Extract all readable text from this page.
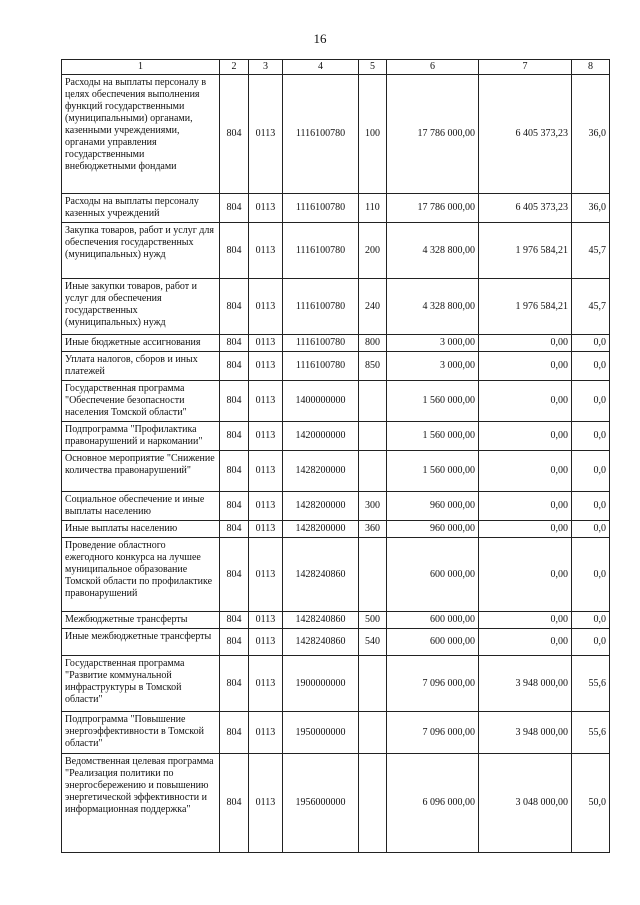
16
1	2	3	4	5	6	7	8
Расходы на выплаты персоналу в целях обеспечения выполнения функций государственными (муниципальными) органами, казенными учреждениями, органами управления государственными внебюджетными фондами	804	0113	1116100780	100	17 786 000,00	6 405 373,23	36,0
Расходы на выплаты персоналу казенных учреждений	804	0113	1116100780	110	17 786 000,00	6 405 373,23	36,0
Закупка товаров, работ и услуг для обеспечения государственных (муниципальных) нужд	804	0113	1116100780	200	4 328 800,00	1 976 584,21	45,7
Иные закупки товаров, работ и услуг для обеспечения государственных (муниципальных) нужд	804	0113	1116100780	240	4 328 800,00	1 976 584,21	45,7
Иные бюджетные ассигнования	804	0113	1116100780	800	3 000,00	0,00	0,0
Уплата налогов, сборов и иных платежей	804	0113	1116100780	850	3 000,00	0,00	0,0
Государственная программа "Обеспечение безопасности населения Томской области"	804	0113	1400000000		1 560 000,00	0,00	0,0
Подпрограмма "Профилактика правонарушений и наркомании"	804	0113	1420000000		1 560 000,00	0,00	0,0
Основное мероприятие "Снижение количества правонарушений"	804	0113	1428200000		1 560 000,00	0,00	0,0
Социальное обеспечение и иные выплаты населению	804	0113	1428200000	300	960 000,00	0,00	0,0
Иные выплаты населению	804	0113	1428200000	360	960 000,00	0,00	0,0
Проведение областного ежегодного конкурса на лучшее муниципальное образование Томской области по профилактике правонарушений	804	0113	1428240860		600 000,00	0,00	0,0
Межбюджетные трансферты	804	0113	1428240860	500	600 000,00	0,00	0,0
Иные межбюджетные трансферты	804	0113	1428240860	540	600 000,00	0,00	0,0
Государственная программа "Развитие коммунальной инфраструктуры в Томской области"	804	0113	1900000000		7 096 000,00	3 948 000,00	55,6
Подпрограмма "Повышение энергоэффективности в Томской области"	804	0113	1950000000		7 096 000,00	3 948 000,00	55,6
Ведомственная целевая программа "Реализация политики по энергосбережению и повышению энергетической эффективности и информационная поддержка"	804	0113	1956000000		6 096 000,00	3 048 000,00	50,0
